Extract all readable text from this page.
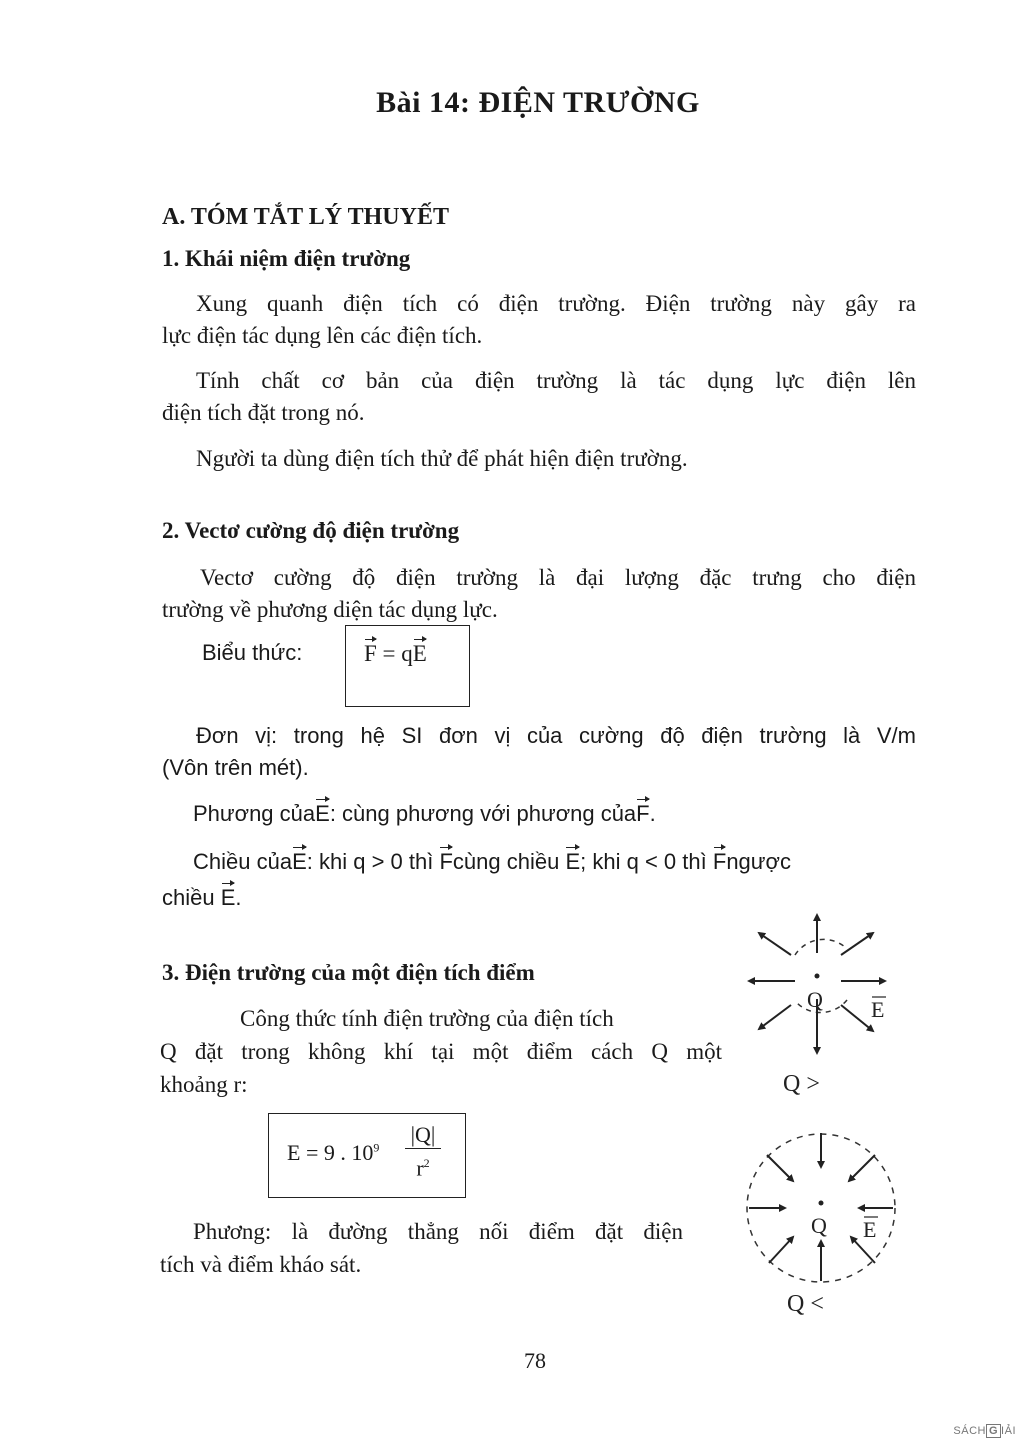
Bài 14: ĐIỆN TRƯỜNG
A. TÓM TẮT LÝ THUYẾT
1. Khái niệm điện trường
Xung quanh điện tích có điện trường. Điện trường này gây ra
lực điện tác dụng lên các điện tích.
Tính chất cơ bản của điện trường là tác dụng lực điện lên
điện tích đặt trong nó.
Người ta dùng điện tích thử để phát hiện điện trường.
2. Vectơ cường độ điện trường
Vectơ cường độ điện trường là đại lượng đặc trưng cho điện
trường về phương diện tác dụng lực.
Biểu thức:	F = qE
Đơn vị: trong hệ SI đơn vị của cường độ điện trường là V/m
(Vôn trên mét).
Phương củaE: cùng phương với phương củaF.
Chiều củaE: khi q > 0 thì Fcùng chiều E; khi q < 0 thì Fngược
chiều E.
3. Điện trường của một điện tích điểm
Công thức tính điện trường của điện tích
Q đặt trong không khí tại một điểm cách Q một
khoảng r:
E = 9 . $10^9 \frac{|Q|}{r^2}$
Phương: là đường thẳng nối điểm đặt điện
tích và điểm kháo sát.
Q E
Q >
Q E
Q <
78
SÁCH G IẢI
